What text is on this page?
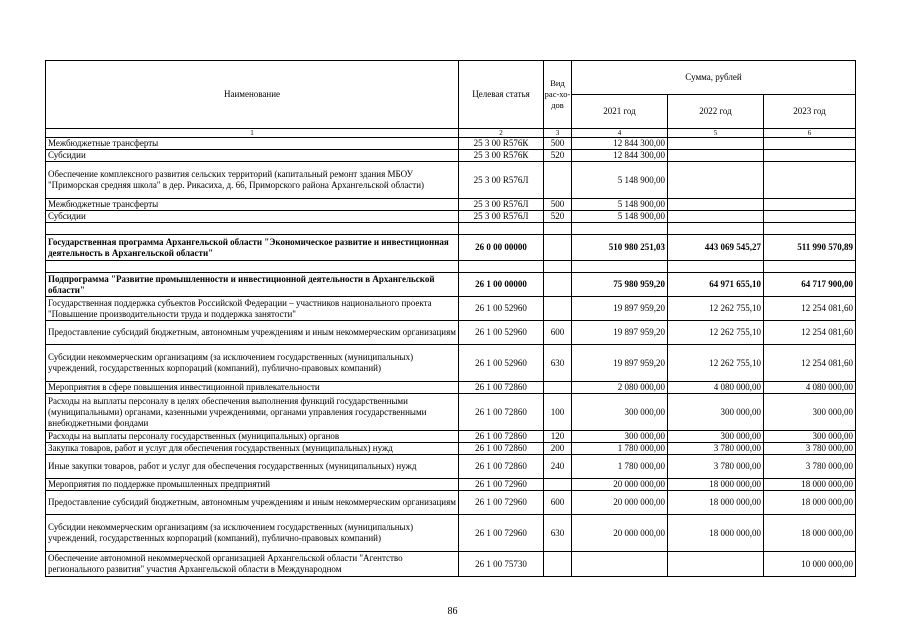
Наименование	Целевая статья	Вид рас-хо-дов	Сумма, рублей		
			2021 год	2022 год	2023 год
1	2	3	4	5	6
Межбюджетные трансферты	25 3 00 R576К	500	12 844 300,00		
Субсидии	25 3 00 R576К	520	12 844 300,00		
Обеспечение комплексного развития сельских территорий (капитальный ремонт здания МБОУ "Приморская средняя школа" в дер. Рикасиха, д. 66, Приморского района Архангельской области)	25 3 00 R576Л		5 148 900,00		
Межбюджетные трансферты	25 3 00 R576Л	500	5 148 900,00		
Субсидии	25 3 00 R576Л	520	5 148 900,00		

Государственная программа Архангельской области "Экономическое развитие и инвестиционная деятельность в Архангельской области"	26 0 00 00000		510 980 251,03	443 069 545,27	511 990 570,89

Подпрограмма "Развитие промышленности и инвестиционной деятельности в Архангельской области"	26 1 00 00000		75 980 959,20	64 971 655,10	64 717 900,00
Государственная поддержка субъектов Российской Федерации – участников национального проекта "Повышение производительности труда и поддержка занятости"	26 1 00 52960		19 897 959,20	12 262 755,10	12 254 081,60
Предоставление субсидий бюджетным, автономным учреждениям и иным некоммерческим организациям	26 1 00 52960	600	19 897 959,20	12 262 755,10	12 254 081,60
Субсидии некоммерческим организациям (за исключением государственных (муниципальных) учреждений, государственных корпораций (компаний), публично-правовых компаний)	26 1 00 52960	630	19 897 959,20	12 262 755,10	12 254 081,60
Мероприятия в сфере повышения инвестиционной привлекательности	26 1 00 72860		2 080 000,00	4 080 000,00	4 080 000,00
Расходы на выплаты персоналу в целях обеспечения выполнения функций государственными (муниципальными) органами, казенными учреждениями, органами управления государственными внебюджетными фондами	26 1 00 72860	100	300 000,00	300 000,00	300 000,00
Расходы на выплаты персоналу государственных (муниципальных) органов	26 1 00 72860	120	300 000,00	300 000,00	300 000,00
Закупка товаров, работ и услуг для обеспечения государственных (муниципальных) нужд	26 1 00 72860	200	1 780 000,00	3 780 000,00	3 780 000,00
Иные закупки товаров, работ и услуг для обеспечения государственных (муниципальных) нужд	26 1 00 72860	240	1 780 000,00	3 780 000,00	3 780 000,00
Мероприятия по поддержке промышленных предприятий	26 1 00 72960		20 000 000,00	18 000 000,00	18 000 000,00
Предоставление субсидий бюджетным, автономным учреждениям и иным некоммерческим организациям	26 1 00 72960	600	20 000 000,00	18 000 000,00	18 000 000,00
Субсидии некоммерческим организациям (за исключением государственных (муниципальных) учреждений, государственных корпораций (компаний), публично-правовых компаний)	26 1 00 72960	630	20 000 000,00	18 000 000,00	18 000 000,00
Обеспечение автономной некоммерческой организацией Архангельской области "Агентство регионального развития" участия Архангельской области в Международном	26 1 00 75730				10 000 000,00
86
